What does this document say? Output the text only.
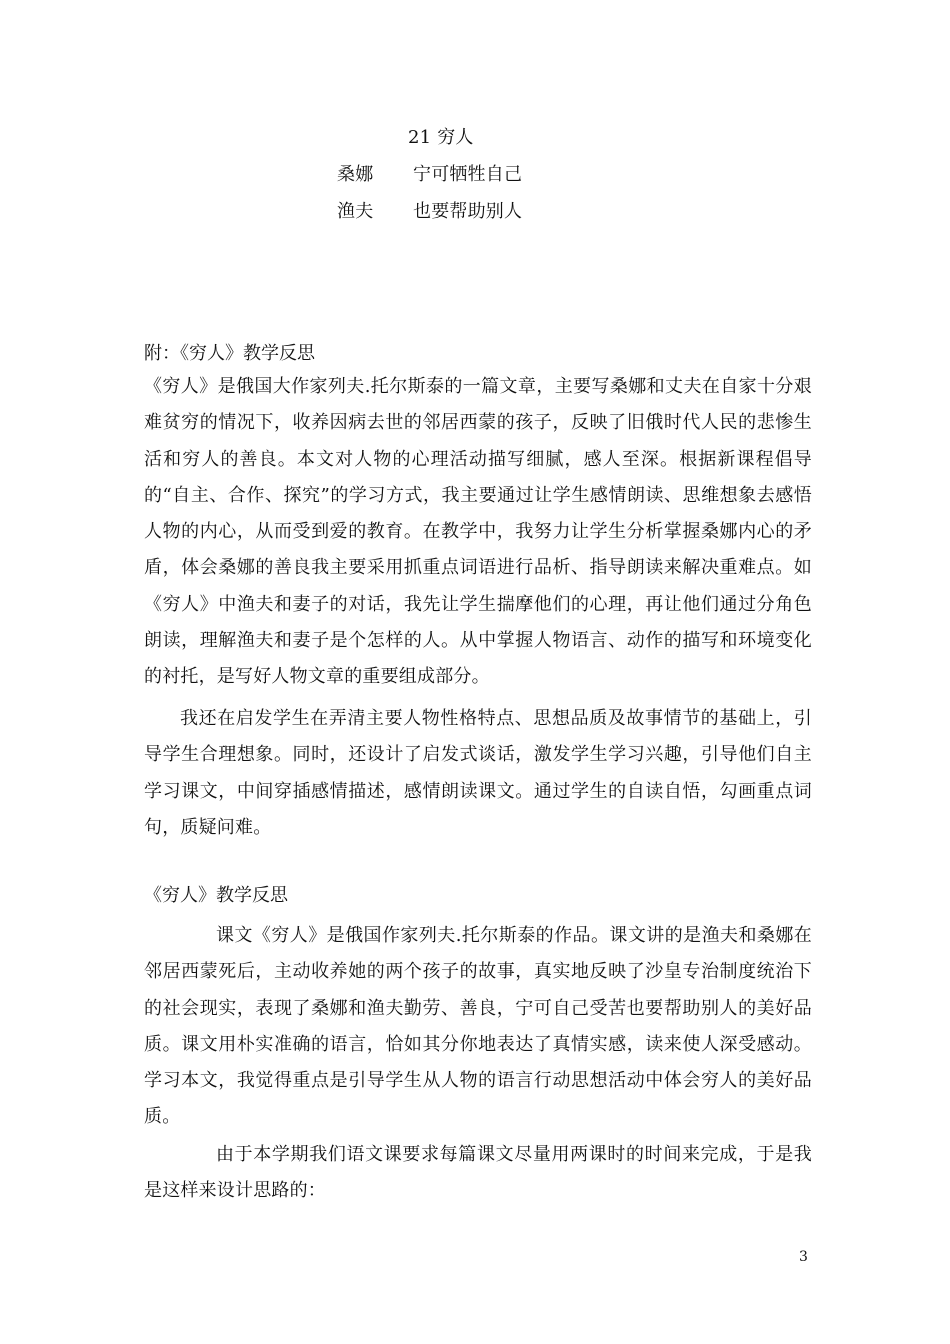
21 穷人
桑娜 宁可牺牲自己
渔夫 也要帮助别人
附：《穷人》教学反思
《穷人》是俄国大作家列夫.托尔斯泰的一篇文章，主要写桑娜和丈夫在自家十分艰难贫穷的情况下，收养因病去世的邻居西蒙的孩子，反映了旧俄时代人民的悲惨生活和穷人的善良。本文对人物的心理活动描写细腻，感人至深。根据新课程倡导的“自主、合作、探究”的学习方式，我主要通过让学生感情朗读、思维想象去感悟人物的内心，从而受到爱的教育。在教学中，我努力让学生分析掌握桑娜内心的矛盾，体会桑娜的善良我主要采用抓重点词语进行品析、指导朗读来解决重难点。如《穷人》中渔夫和妻子的对话，我先让学生揣摩他们的心理，再让他们通过分角色朗读，理解渔夫和妻子是个怎样的人。从中掌握人物语言、动作的描写和环境变化的衬托，是写好人物文章的重要组成部分。
我还在启发学生在弄清主要人物性格特点、思想品质及故事情节的基础上，引导学生合理想象。同时，还设计了启发式谈话，激发学生学习兴趣，引导他们自主学习课文，中间穿插感情描述，感情朗读课文。通过学生的自读自悟，勾画重点词句，质疑问难。
《穷人》教学反思
课文《穷人》是俄国作家列夫.托尔斯泰的作品。课文讲的是渔夫和桑娜在邻居西蒙死后，主动收养她的两个孩子的故事，真实地反映了沙皇专治制度统治下的社会现实，表现了桑娜和渔夫勤劳、善良，宁可自己受苦也要帮助别人的美好品质。课文用朴实准确的语言，恰如其分你地表达了真情实感，读来使人深受感动。学习本文，我觉得重点是引导学生从人物的语言行动思想活动中体会穷人的美好品质。
由于本学期我们语文课要求每篇课文尽量用两课时的时间来完成，于是我是这样来设计思路的：
3
